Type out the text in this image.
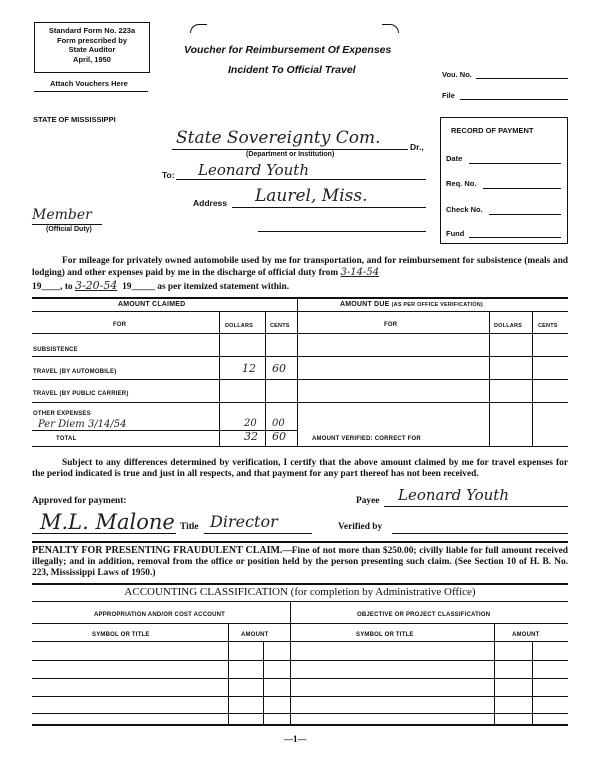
Standard Form No. 223a
Form prescribed by
State Auditor
April, 1950
Attach Vouchers Here
Voucher for Reimbursement Of Expenses
Incident To Official Travel	Vou. No.
File
STATE OF MISSISSIPPI
State Sovereignty Com.	Dr.,
(Department or Institution)
To: Leonard Youth
Address Laurel, Miss.
Member
(Official Duty)
RECORD OF PAYMENT
Date
Req. No.
Check No.
Fund
For mileage for privately owned automobile used by me for transportation, and for reimbursement for subsistence (meals and lodging) and other expenses paid by me in the discharge of official duty from 3-14-54
19____, to 3-20-54 19_____ as per itemized statement within.
AMOUNT CLAIMED	AMOUNT DUE (AS PER OFFICE VERIFICATION)
FOR	DOLLARS	CENTS	FOR	DOLLARS	CENTS
SUBSISTENCE
TRAVEL (BY AUTOMOBILE)	12 60
TRAVEL (BY PUBLIC CARRIER)
OTHER EXPENSES
Per Diem 3/14/54	20 00
TOTAL	32 60	AMOUNT VERIFIED: CORRECT FOR
Subject to any differences determined by verification, I certify that the above amount claimed by me for travel expenses for the period indicated is true and just in all respects, and that payment for any part thereof has not been received.
Approved for payment:	Payee Leonard Youth
M.L. Malone Title Director	Verified by
PENALTY FOR PRESENTING FRAUDULENT CLAIM.—Fine of not more than $250.00; civilly liable for full amount received illegally; and in addition, removal from the office or position held by the person presenting such claim. (See Section 10 of H. B. No. 223, Mississippi Laws of 1950.)
ACCOUNTING CLASSIFICATION (for completion by Administrative Office)
APPROPRIATION AND/OR COST ACCOUNT	OBJECTIVE OR PROJECT CLASSIFICATION
SYMBOL OR TITLE	AMOUNT	SYMBOL OR TITLE	AMOUNT
—1—
